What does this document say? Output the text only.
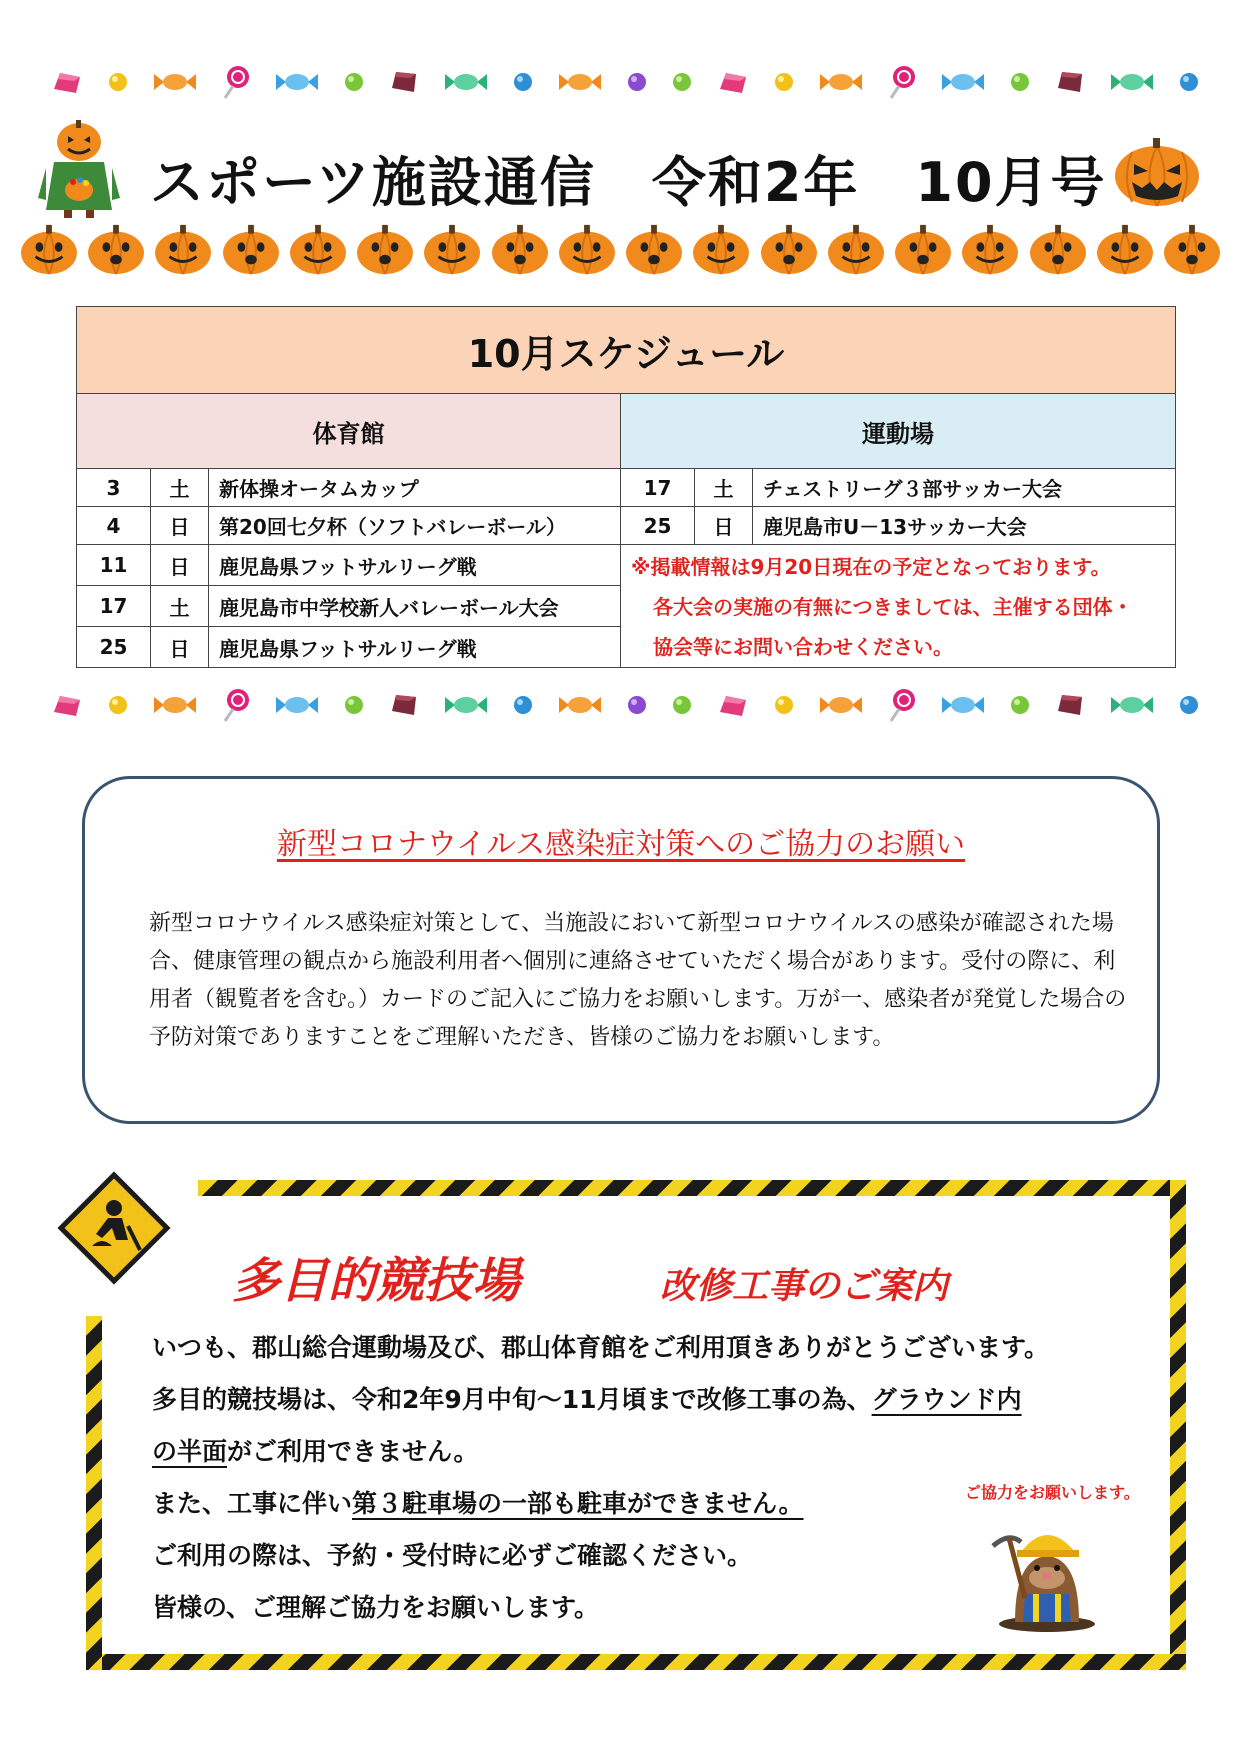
スポーツ施設通信　令和2年　10月号
10月スケジュール					
体育館			運動場		
3	土	新体操オータムカップ	17	土	チェストリーグ３部サッカー大会
4	日	第20回七夕杯（ソフトバレーボール）	25	日	鹿児島市U－13サッカー大会
11	日	鹿児島県フットサルリーグ戦	※掲載情報は9月20日現在の予定となっております。
各大会の実施の有無につきましては、主催する団体・
協会等にお問い合わせください。		

17	土	鹿児島市中学校新人バレーボール大会			
25	日	鹿児島県フットサルリーグ戦			
新型コロナウイルス感染症対策へのご協力のお願い
新型コロナウイルス感染症対策として、当施設において新型コロナウイルスの感染が確認された場合、健康管理の観点から施設利用者へ個別に連絡させていただく場合があります。受付の際に、利用者（観覧者を含む。）カードのご記入にご協力をお願いします。万が一、感染者が発覚した場合の予防対策でありますことをご理解いただき、皆様のご協力をお願いします。
多目的競技場	改修工事のご案内
いつも、郡山総合運動場及び、郡山体育館をご利用頂きありがとうございます。
多目的競技場は、令和2年9月中旬～11月頃まで改修工事の為、グラウンド内
の半面がご利用できません。
また、工事に伴い第３駐車場の一部も駐車ができません。
ご利用の際は、予約・受付時に必ずご確認ください。
皆様の、ご理解ご協力をお願いします。
ご協力をお願いします。
